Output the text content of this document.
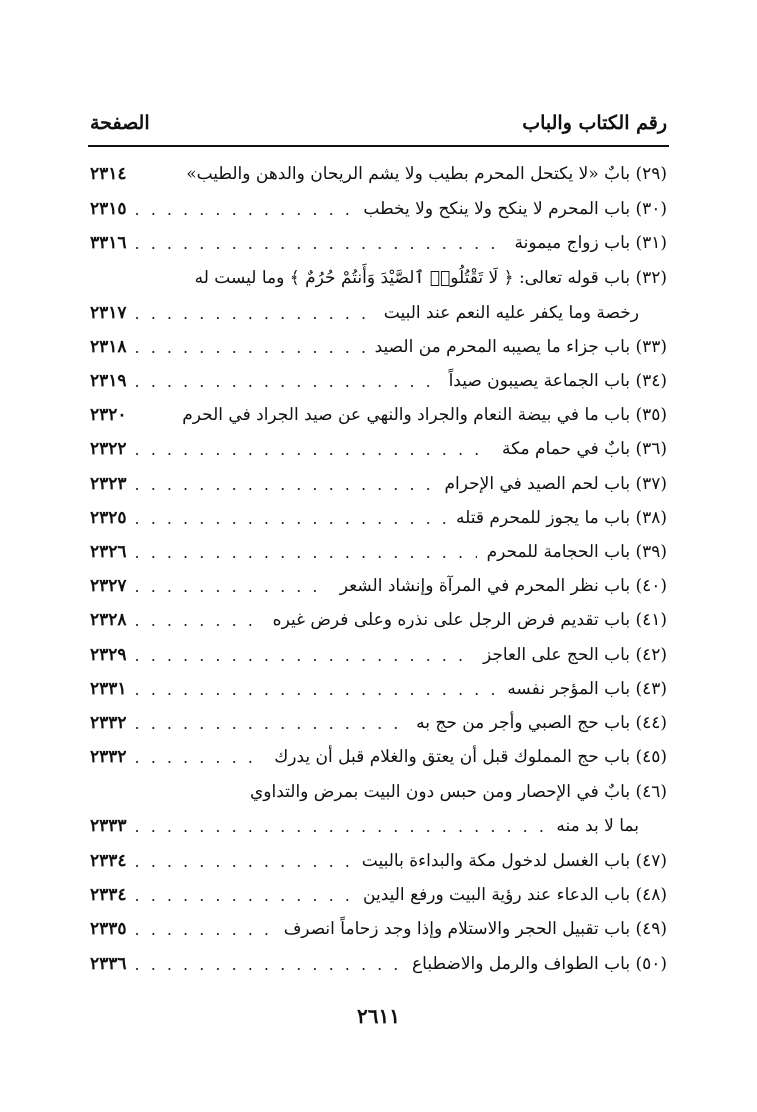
رقم الكتاب والباب
الصفحة
(٢٩) بابٌ «لا يكتحل المحرم بطيب ولا يشم الريحان والدهن والطيب»
٢٣١٤
(٣٠) باب المحرم لا ينكح ولا ينكح ولا يخطب
. . .
٢٣١٥
(٣١) باب زواج ميمونة
. . .
٣٣١٦
(٣٢) باب قوله تعالى: ﴿ لَا تَقْتُلُوا۟ ٱلصَّيْدَ وَأَنتُمْ حُرُمٌ ﴾ وما ليست له
رخصة وما يكفر عليه النعم عند البيت
. . .
٢٣١٧
(٣٣) باب جزاء ما يصيبه المحرم من الصيد
. . .
٢٣١٨
(٣٤) باب الجماعة يصيبون صيداً
. . .
٢٣١٩
(٣٥) باب ما في بيضة النعام والجراد والنهي عن صيد الجراد في الحرم
٢٣٢٠
(٣٦) بابٌ في حمام مكة
. . .
٢٣٢٢
(٣٧) باب لحم الصيد في الإحرام
. . .
٢٣٢٣
(٣٨) باب ما يجوز للمحرم قتله
. . .
٢٣٢٥
(٣٩) باب الحجامة للمحرم
. . .
٢٣٢٦
(٤٠) باب نظر المحرم في المرآة وإنشاد الشعر
. . .
٢٣٢٧
(٤١) باب تقديم فرض الرجل على نذره وعلى فرض غيره
. . .
٢٣٢٨
(٤٢) باب الحج على العاجز
. . .
٢٣٢٩
(٤٣) باب المؤجر نفسه
. . .
٢٣٣١
(٤٤) باب حج الصبي وأجر من حج به
. . .
٢٣٣٢
(٤٥) باب حج المملوك قبل أن يعتق والغلام قبل أن يدرك
. . .
٢٣٣٢
(٤٦) بابٌ في الإحصار ومن حبس دون البيت بمرض والتداوي
بما لا بد منه
. . .
٢٣٣٣
(٤٧) باب الغسل لدخول مكة والبداءة بالبيت
. . .
٢٣٣٤
(٤٨) باب الدعاء عند رؤية البيت ورفع اليدين
. . .
٢٣٣٤
(٤٩) باب تقبيل الحجر والاستلام وإذا وجد زحاماً انصرف
. . .
٢٣٣٥
(٥٠) باب الطواف والرمل والاضطباع
. . .
٢٣٣٦
٢٦١١
